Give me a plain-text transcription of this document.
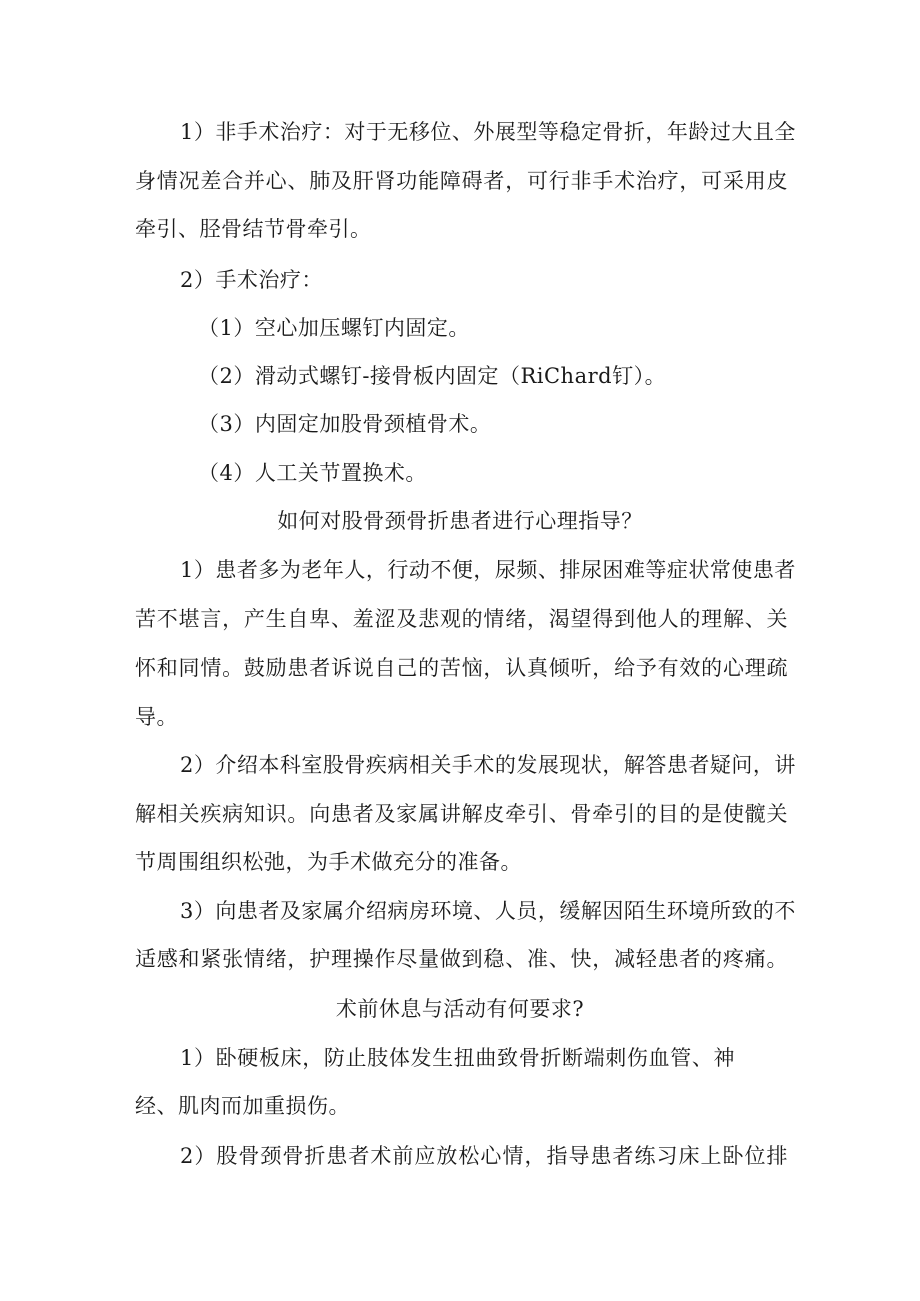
1）非手术治疗：对于无移位、外展型等稳定骨折，年龄过大且全
身情况差合并心、肺及肝肾功能障碍者，可行非手术治疗，可采用皮
牵引、胫骨结节骨牵引。
2）手术治疗：
（1）空心加压螺钉内固定。
（2）滑动式螺钉-接骨板内固定（RiChard钉）。
（3）内固定加股骨颈植骨术。
（4）人工关节置换术。
如何对股骨颈骨折患者进行心理指导？
1）患者多为老年人，行动不便，尿频、排尿困难等症状常使患者
苦不堪言，产生自卑、羞涩及悲观的情绪，渴望得到他人的理解、关
怀和同情。鼓励患者诉说自己的苦恼，认真倾听，给予有效的心理疏
导。
2）介绍本科室股骨疾病相关手术的发展现状，解答患者疑问，讲
解相关疾病知识。向患者及家属讲解皮牵引、骨牵引的目的是使髋关
节周围组织松弛，为手术做充分的准备。
3）向患者及家属介绍病房环境、人员，缓解因陌生环境所致的不
适感和紧张情绪，护理操作尽量做到稳、准、快，减轻患者的疼痛。
术前休息与活动有何要求?
1）卧硬板床，防止肢体发生扭曲致骨折断端刺伤血管、神
经、肌肉而加重损伤。
2）股骨颈骨折患者术前应放松心情，指导患者练习床上卧位排
